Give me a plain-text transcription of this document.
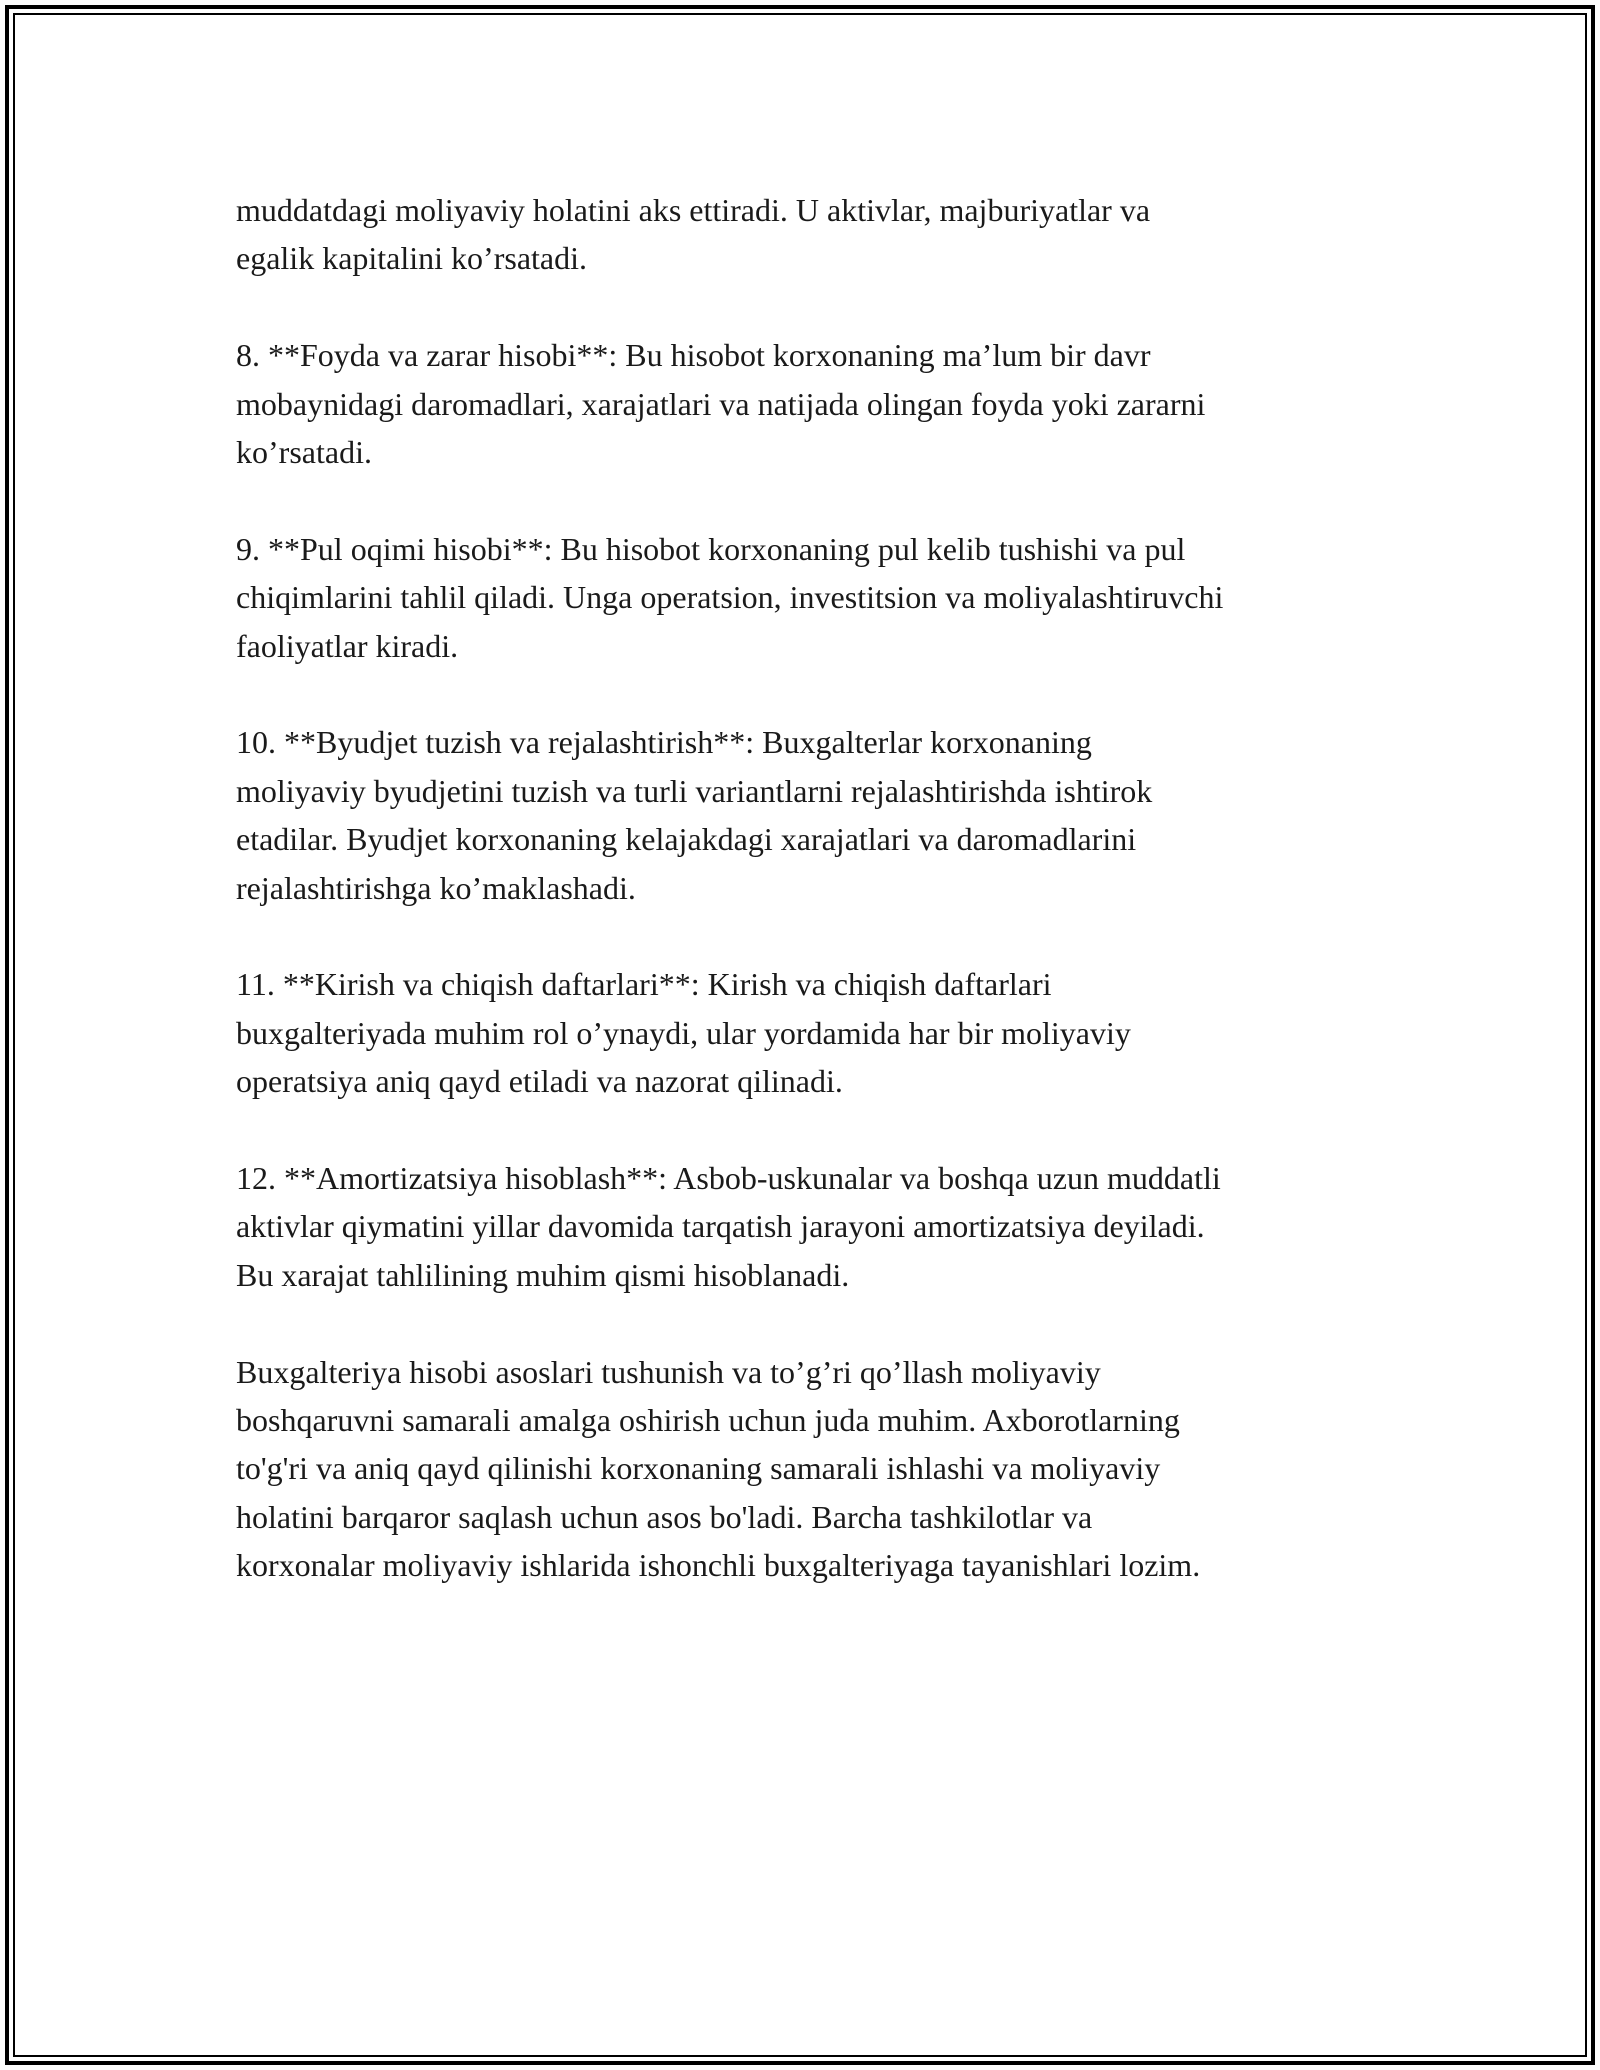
muddatdagi moliyaviy holatini aks ettiradi. U aktivlar, majburiyatlar va
egalik kapitalini ko’rsatadi.

8. **Foyda va zarar hisobi**: Bu hisobot korxonaning ma’lum bir davr
mobaynidagi daromadlari, xarajatlari va natijada olingan foyda yoki zararni
ko’rsatadi.

9. **Pul oqimi hisobi**: Bu hisobot korxonaning pul kelib tushishi va pul
chiqimlarini tahlil qiladi. Unga operatsion, investitsion va moliyalashtiruvchi
faoliyatlar kiradi.

10. **Byudjet tuzish va rejalashtirish**: Buxgalterlar korxonaning
moliyaviy byudjetini tuzish va turli variantlarni rejalashtirishda ishtirok
etadilar. Byudjet korxonaning kelajakdagi xarajatlari va daromadlarini
rejalashtirishga ko’maklashadi.

11. **Kirish va chiqish daftarlari**: Kirish va chiqish daftarlari
buxgalteriyada muhim rol o’ynaydi, ular yordamida har bir moliyaviy
operatsiya aniq qayd etiladi va nazorat qilinadi.

12. **Amortizatsiya hisoblash**: Asbob-uskunalar va boshqa uzun muddatli
aktivlar qiymatini yillar davomida tarqatish jarayoni amortizatsiya deyiladi.
Bu xarajat tahlilining muhim qismi hisoblanadi.

Buxgalteriya hisobi asoslari tushunish va to’g’ri qo’llash moliyaviy
boshqaruvni samarali amalga oshirish uchun juda muhim. Axborotlarning
to'g'ri va aniq qayd qilinishi korxonaning samarali ishlashi va moliyaviy
holatini barqaror saqlash uchun asos bo'ladi. Barcha tashkilotlar va
korxonalar moliyaviy ishlarida ishonchli buxgalteriyaga tayanishlari lozim.
